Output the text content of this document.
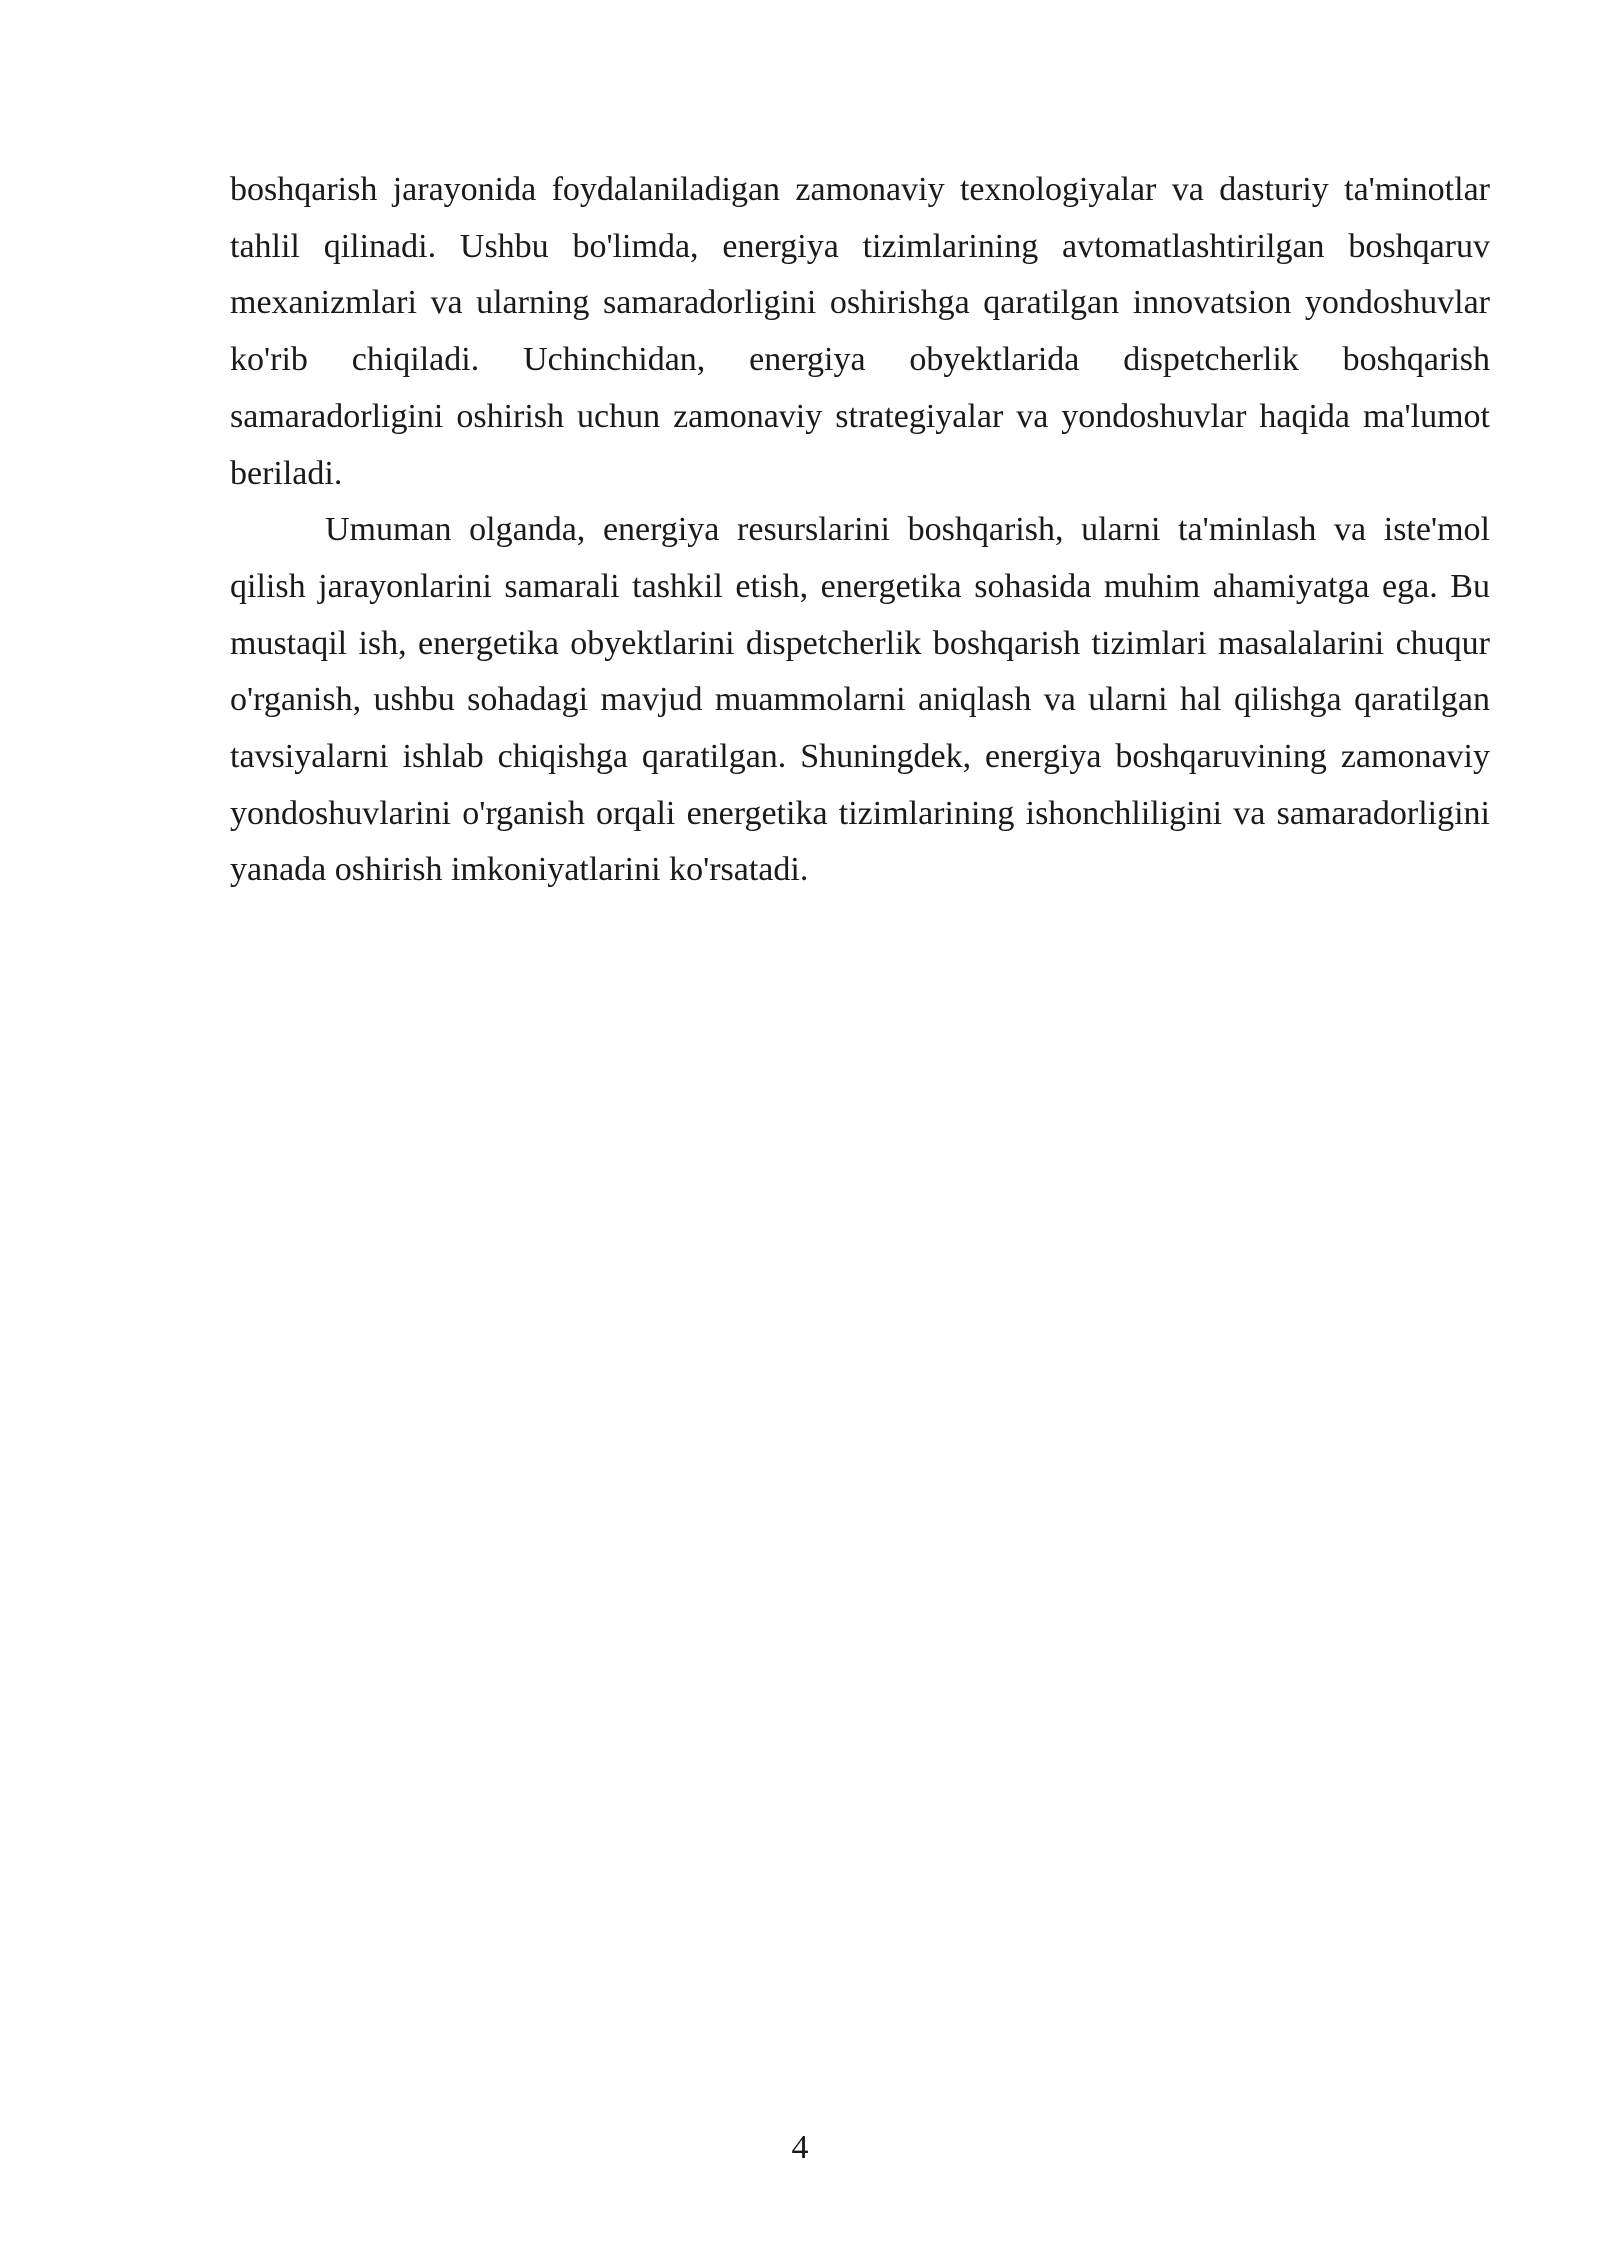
boshqarish jarayonida foydalaniladigan zamonaviy texnologiyalar va dasturiy ta'minotlar tahlil qilinadi. Ushbu bo'limda, energiya tizimlarining avtomatlashtirilgan boshqaruv mexanizmlari va ularning samaradorligini oshirishga qaratilgan innovatsion yondoshuvlar ko'rib chiqiladi. Uchinchidan, energiya obyektlarida dispetcherlik boshqarish samaradorligini oshirish uchun zamonaviy strategiyalar va yondoshuvlar haqida ma'lumot beriladi.

Umuman olganda, energiya resurslarini boshqarish, ularni ta'minlash va iste'mol qilish jarayonlarini samarali tashkil etish, energetika sohasida muhim ahamiyatga ega. Bu mustaqil ish, energetika obyektlarini dispetcherlik boshqarish tizimlari masalalarini chuqur o'rganish, ushbu sohadagi mavjud muammolarni aniqlash va ularni hal qilishga qaratilgan tavsiyalarni ishlab chiqishga qaratilgan. Shuningdek, energiya boshqaruvining zamonaviy yondoshuvlarini o'rganish orqali energetika tizimlarining ishonchliligini va samaradorligini yanada oshirish imkoniyatlarini ko'rsatadi.

4
